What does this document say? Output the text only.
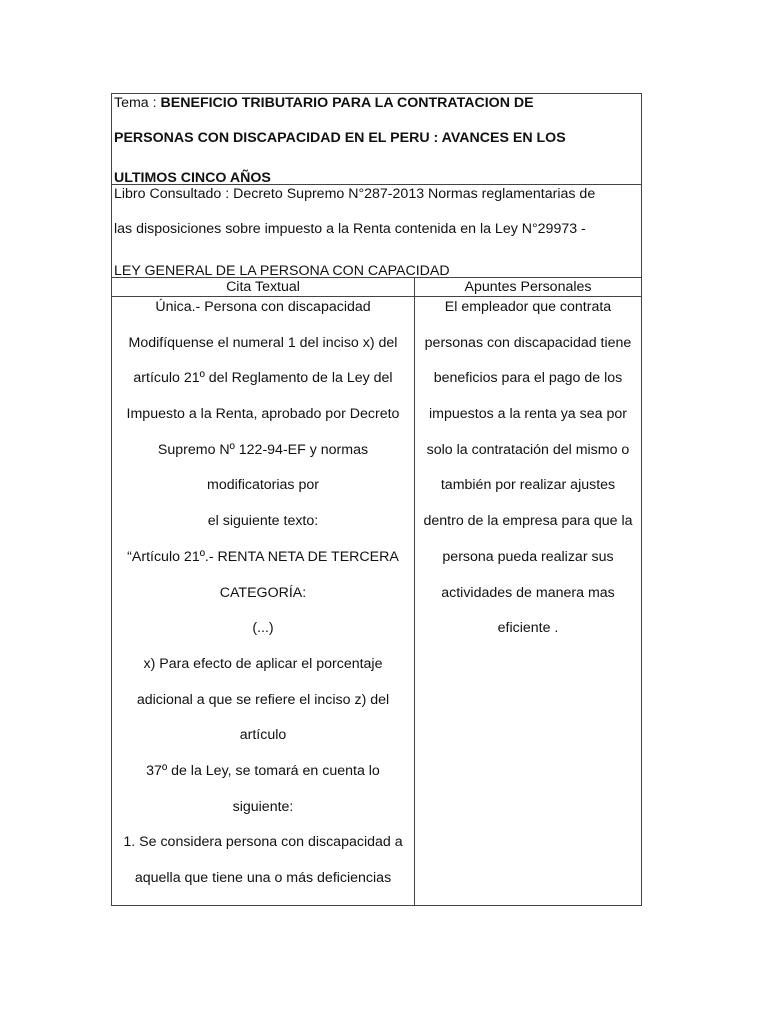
Tema : BENEFICIO TRIBUTARIO PARA LA CONTRATACION DE
PERSONAS CON DISCAPACIDAD EN EL PERU : AVANCES EN LOS
ULTIMOS CINCO AÑOS
Libro Consultado : Decreto Supremo N°287-2013 Normas reglamentarias de
las disposiciones sobre impuesto a la Renta contenida en la Ley N°29973 -
LEY GENERAL DE LA PERSONA CON CAPACIDAD
Cita Textual	Apuntes Personales
Única.- Persona con discapacidad
Modifíquense el numeral 1 del inciso x) del
artículo 21º del Reglamento de la Ley del
Impuesto a la Renta, aprobado por Decreto
Supremo Nº 122-94-EF y normas
modificatorias por
el siguiente texto:
“Artículo 21º.- RENTA NETA DE TERCERA
CATEGORÍA:
(...)
x) Para efecto de aplicar el porcentaje
adicional a que se refiere el inciso z) del
artículo
37º de la Ley, se tomará en cuenta lo
siguiente:
1. Se considera persona con discapacidad a
aquella que tiene una o más deficiencias
El empleador que contrata
personas con discapacidad tiene
beneficios para el pago de los
impuestos a la renta ya sea por
solo la contratación del mismo o
también por realizar ajustes
dentro de la empresa para que la
persona pueda realizar sus
actividades de manera mas
eficiente .
